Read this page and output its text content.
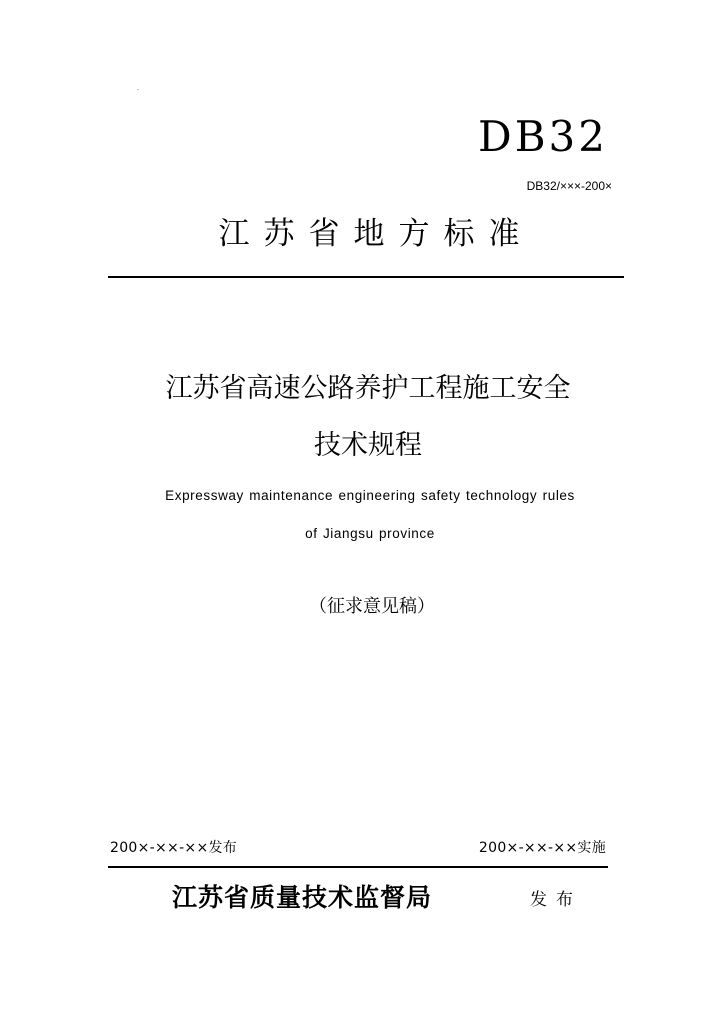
·
DB32
DB32/×××-200×
江苏省地方标准
江苏省高速公路养护工程施工安全
技术规程
Expressway maintenance engineering safety technology rules
of Jiangsu province
（征求意见稿）
200×-××-××发布	200×-××-××实施
江苏省质量技术监督局	发布
